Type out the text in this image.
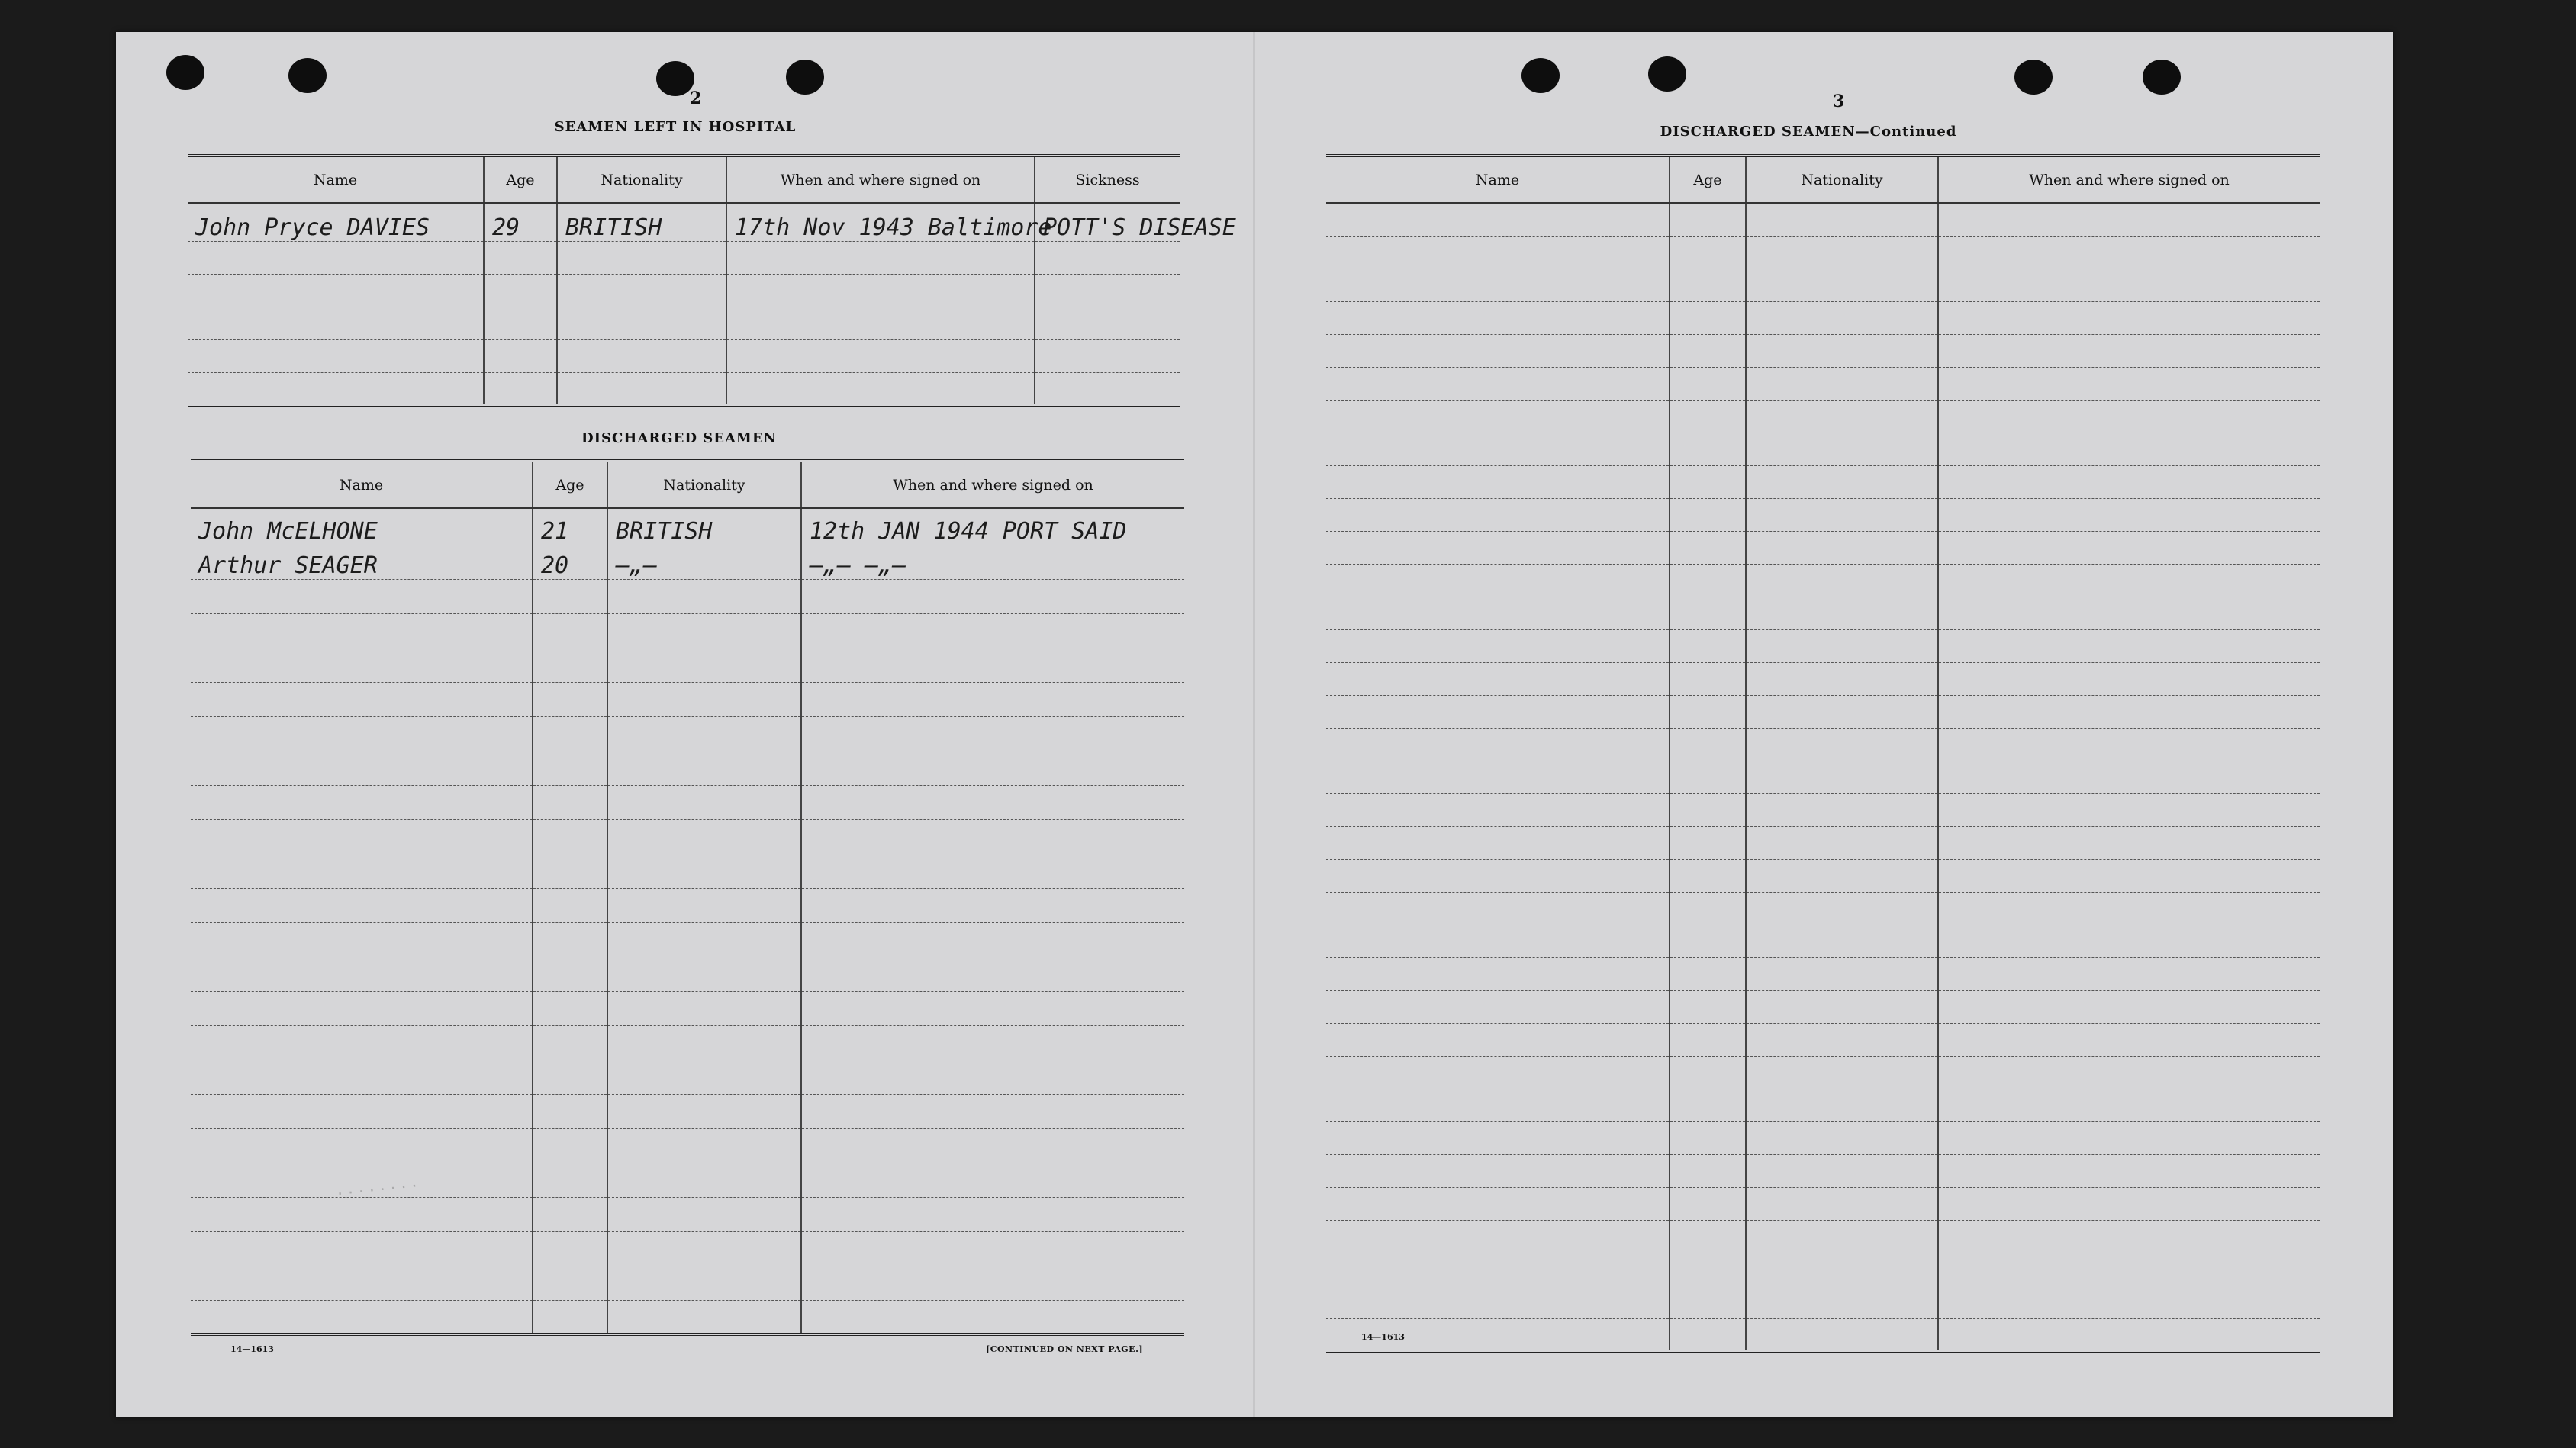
2
SEAMEN LEFT IN HOSPITAL
Name	Age	Nationality	When and where signed on	Sickness
John Pryce DAVIES	29	BRITISH	17th Nov 1943 Baltimore	POTT'S DISEASE

DISCHARGED SEAMEN
Name	Age	Nationality	When and where signed on
John McELHONE	21	BRITISH	12th JAN 1944 PORT SAID
Arthur SEAGER	20	–„–	–„– –„–

· · · · · · · ·
14—1613	[CONTINUED ON NEXT PAGE.]
3
DISCHARGED SEAMEN—Continued
Name	Age	Nationality	When and where signed on

14—1613
